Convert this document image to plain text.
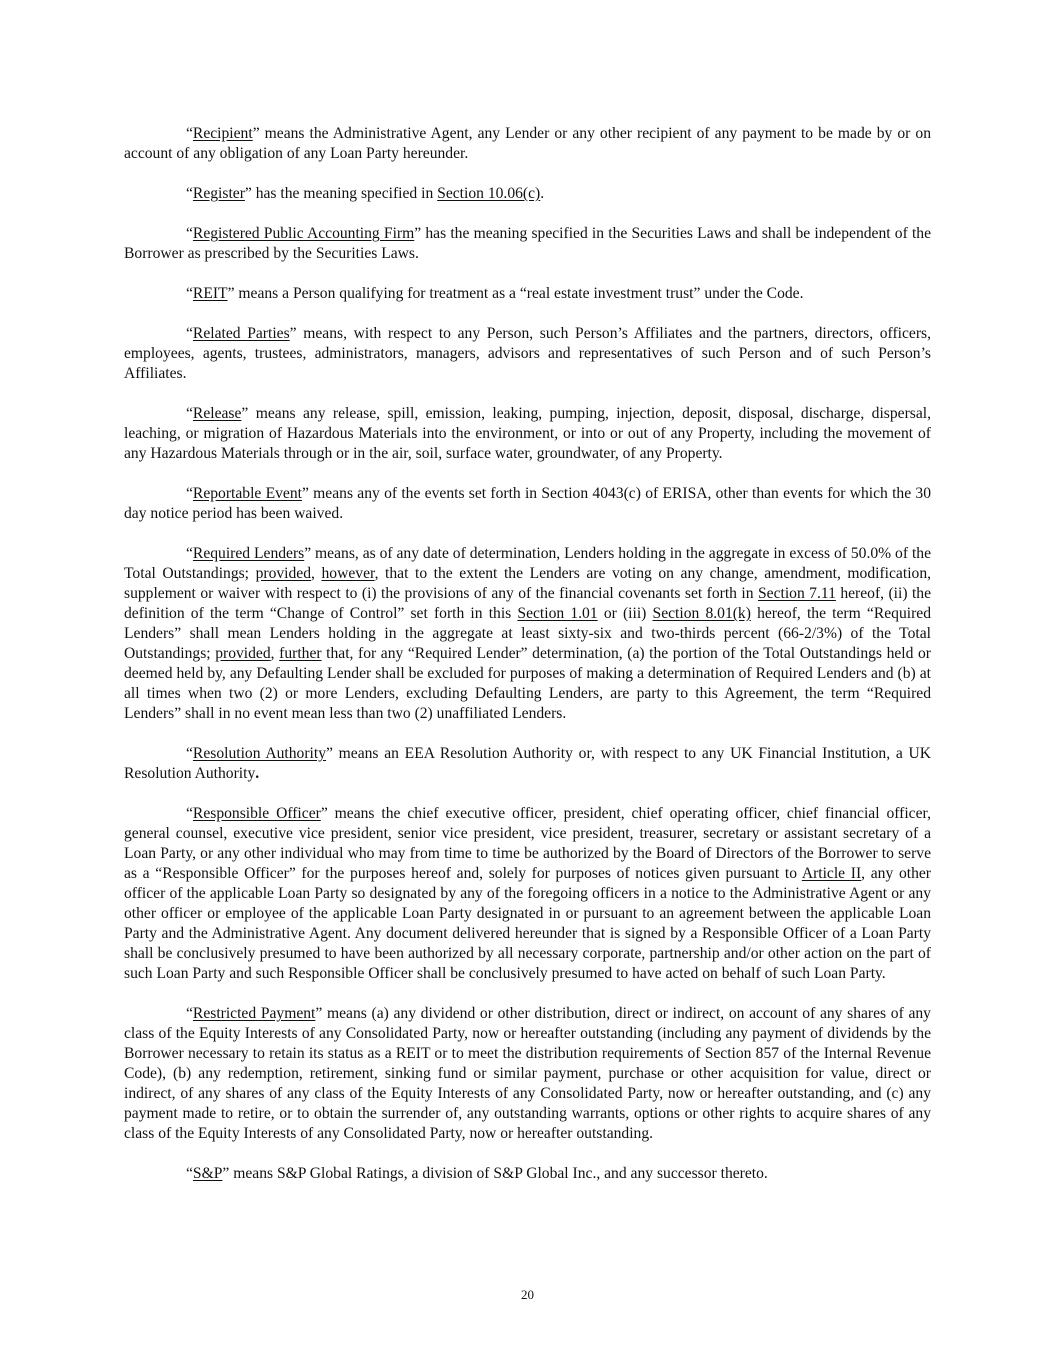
“Recipient” means the Administrative Agent, any Lender or any other recipient of any payment to be made by or on account of any obligation of any Loan Party hereunder.

“Register” has the meaning specified in Section 10.06(c).

“Registered Public Accounting Firm” has the meaning specified in the Securities Laws and shall be independent of the Borrower as prescribed by the Securities Laws.

“REIT” means a Person qualifying for treatment as a “real estate investment trust” under the Code.

“Related Parties” means, with respect to any Person, such Person’s Affiliates and the partners, directors, officers, employees, agents, trustees, administrators, managers, advisors and representatives of such Person and of such Person’s Affiliates.

“Release” means any release, spill, emission, leaking, pumping, injection, deposit, disposal, discharge, dispersal, leaching, or migration of Hazardous Materials into the environment, or into or out of any Property, including the movement of any Hazardous Materials through or in the air, soil, surface water, groundwater, of any Property.

“Reportable Event” means any of the events set forth in Section 4043(c) of ERISA, other than events for which the 30 day notice period has been waived.

“Required Lenders” means, as of any date of determination, Lenders holding in the aggregate in excess of 50.0% of the Total Outstandings; provided, however, that to the extent the Lenders are voting on any change, amendment, modification, supplement or waiver with respect to (i) the provisions of any of the financial covenants set forth in Section 7.11 hereof, (ii) the definition of the term “Change of Control” set forth in this Section 1.01 or (iii) Section 8.01(k) hereof, the term “Required Lenders” shall mean Lenders holding in the aggregate at least sixty-six and two-thirds percent (66-2/3%) of the Total Outstandings; provided, further that, for any “Required Lender” determination, (a) the portion of the Total Outstandings held or deemed held by, any Defaulting Lender shall be excluded for purposes of making a determination of Required Lenders and (b) at all times when two (2) or more Lenders, excluding Defaulting Lenders, are party to this Agreement, the term “Required Lenders” shall in no event mean less than two (2) unaffiliated Lenders.

“Resolution Authority” means an EEA Resolution Authority or, with respect to any UK Financial Institution, a UK Resolution Authority.

“Responsible Officer” means the chief executive officer, president, chief operating officer, chief financial officer, general counsel, executive vice president, senior vice president, vice president, treasurer, secretary or assistant secretary of a Loan Party, or any other individual who may from time to time be authorized by the Board of Directors of the Borrower to serve as a “Responsible Officer” for the purposes hereof and, solely for purposes of notices given pursuant to Article II, any other officer of the applicable Loan Party so designated by any of the foregoing officers in a notice to the Administrative Agent or any other officer or employee of the applicable Loan Party designated in or pursuant to an agreement between the applicable Loan Party and the Administrative Agent. Any document delivered hereunder that is signed by a Responsible Officer of a Loan Party shall be conclusively presumed to have been authorized by all necessary corporate, partnership and/or other action on the part of such Loan Party and such Responsible Officer shall be conclusively presumed to have acted on behalf of such Loan Party.

“Restricted Payment” means (a) any dividend or other distribution, direct or indirect, on account of any shares of any class of the Equity Interests of any Consolidated Party, now or hereafter outstanding (including any payment of dividends by the Borrower necessary to retain its status as a REIT or to meet the distribution requirements of Section 857 of the Internal Revenue Code), (b) any redemption, retirement, sinking fund or similar payment, purchase or other acquisition for value, direct or indirect, of any shares of any class of the Equity Interests of any Consolidated Party, now or hereafter outstanding, and (c) any payment made to retire, or to obtain the surrender of, any outstanding warrants, options or other rights to acquire shares of any class of the Equity Interests of any Consolidated Party, now or hereafter outstanding.

“S&P” means S&P Global Ratings, a division of S&P Global Inc., and any successor thereto.

20
